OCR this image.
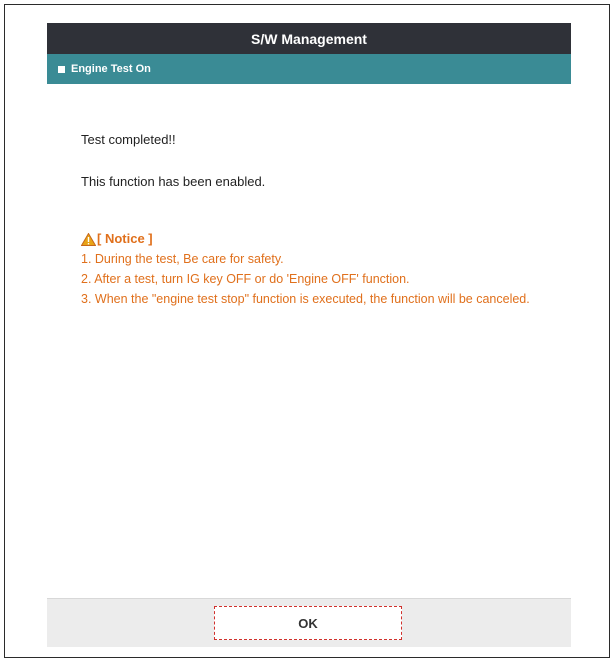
S/W Management
Engine Test On

Test completed!!

This function has been enabled.

[ Notice ]

1. During the test, Be care for safety.

2. After a test, turn IG key OFF or do 'Engine OFF' function.

3. When the "engine test stop" function is executed, the function will be canceled.

OK
